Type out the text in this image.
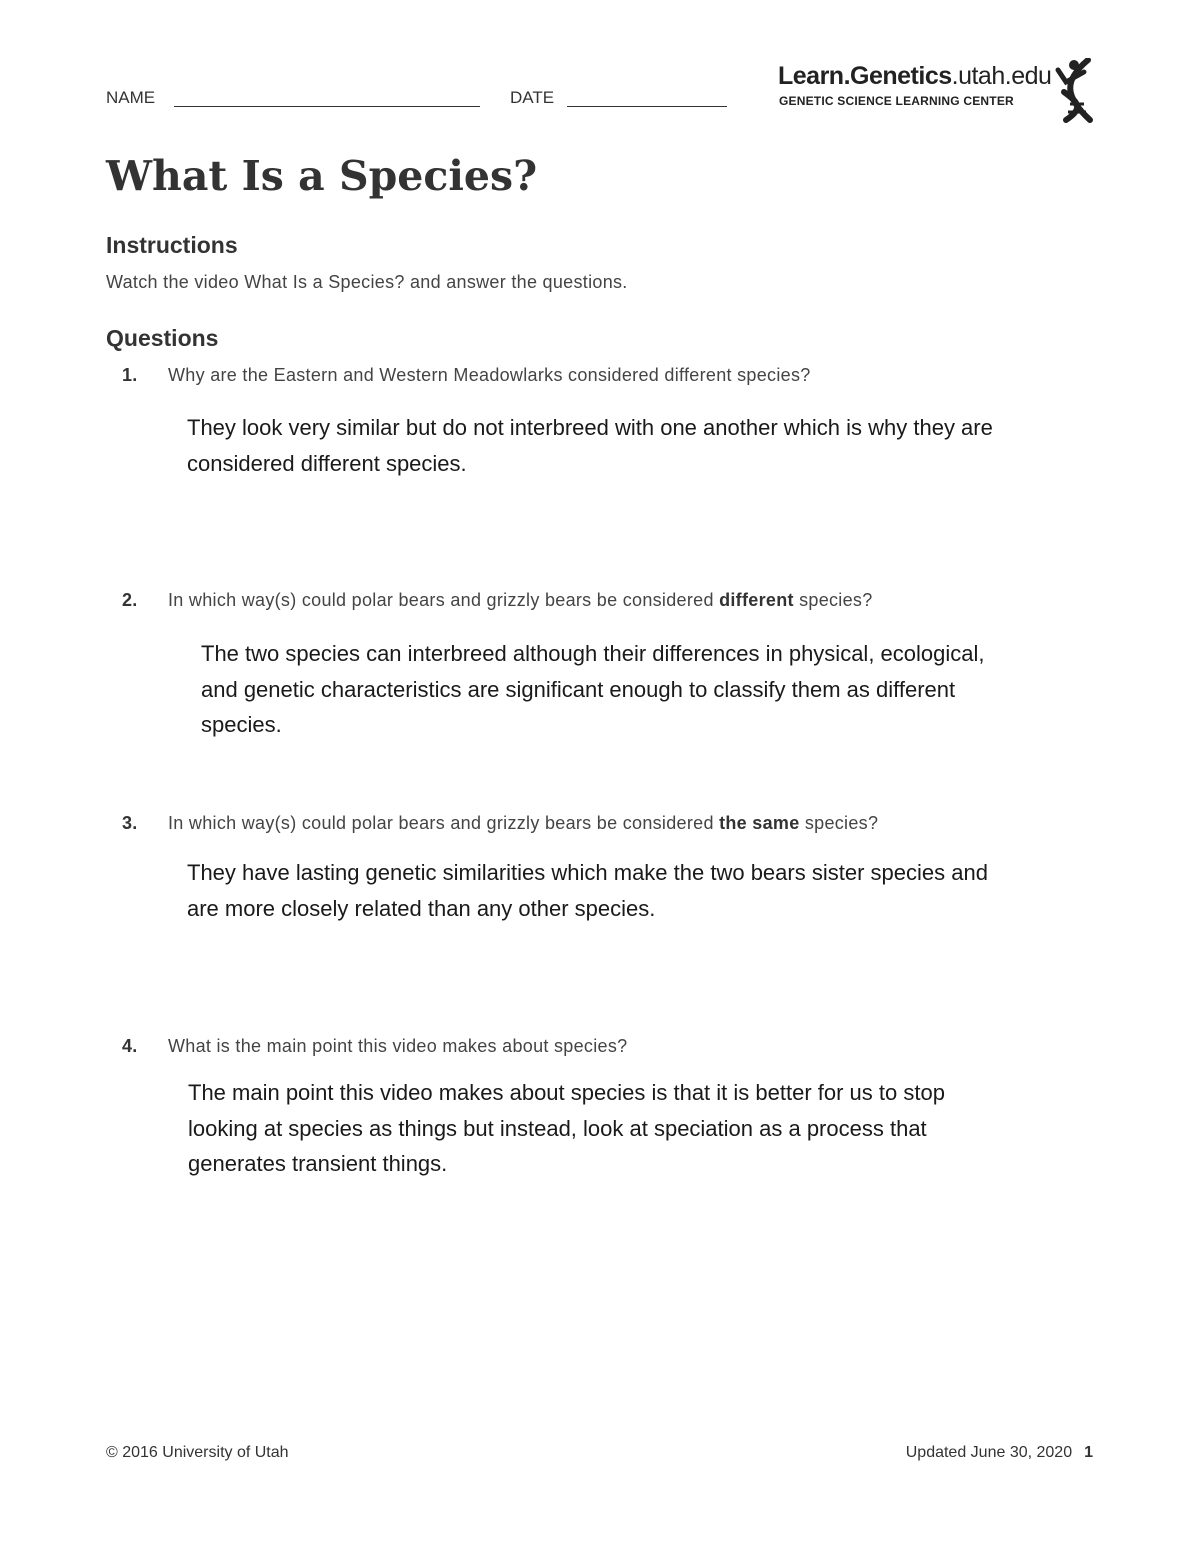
NAME	DATE
Learn.Genetics.utah.edu
GENETIC SCIENCE LEARNING CENTER
What Is a Species?
Instructions
Watch the video What Is a Species? and answer the questions.
Questions
1. Why are the Eastern and Western Meadowlarks considered different species?
They look very similar but do not interbreed with one another which is why they are considered different species.
2. In which way(s) could polar bears and grizzly bears be considered different species?
The two species can interbreed although their differences in physical, ecological, and genetic characteristics are significant enough to classify them as different species.
3. In which way(s) could polar bears and grizzly bears be considered the same species?
They have lasting genetic similarities which make the two bears sister species and are more closely related than any other species.
4. What is the main point this video makes about species?
The main point this video makes about species is that it is better for us to stop looking at species as things but instead, look at speciation as a process that generates transient things.
© 2016 University of Utah	Updated June 30, 2020 1
